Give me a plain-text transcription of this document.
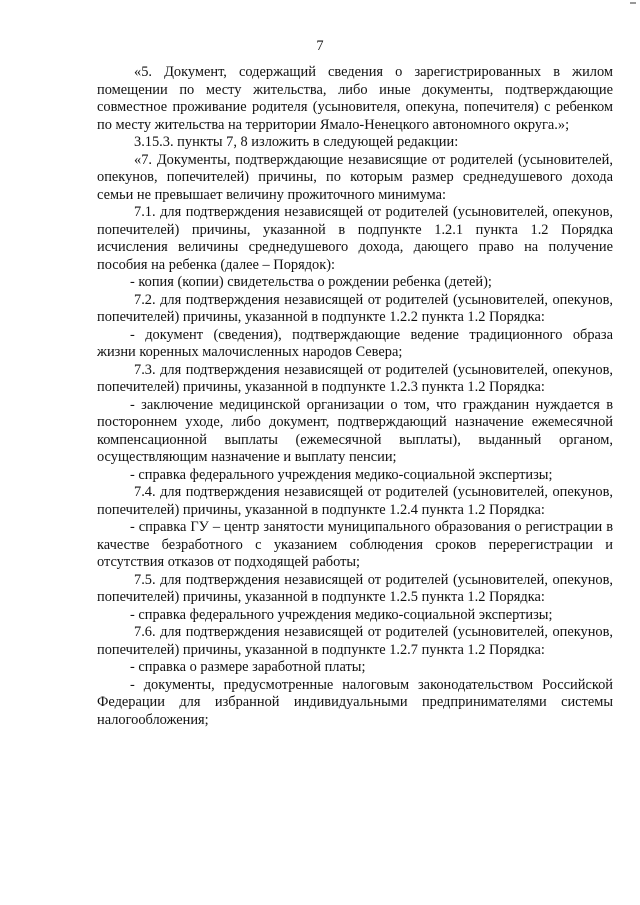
7

«5. Документ, содержащий сведения о зарегистрированных в жилом помещении по месту жительства, либо иные документы, подтверждающие совместное проживание родителя (усыновителя, опекуна, попечителя) с ребенком по месту жительства на территории Ямало-Ненецкого автономного округа.»;

3.15.3. пункты 7, 8 изложить в следующей редакции:

«7. Документы, подтверждающие независящие от родителей (усыновителей, опекунов, попечителей) причины, по которым размер среднедушевого дохода семьи не превышает величину прожиточного минимума:

7.1. для подтверждения независящей от родителей (усыновителей, опекунов, попечителей) причины, указанной в подпункте 1.2.1 пункта 1.2 Порядка исчисления величины среднедушевого дохода, дающего право на получение пособия на ребенка (далее – Порядок):

- копия (копии) свидетельства о рождении ребенка (детей);

7.2. для подтверждения независящей от родителей (усыновителей, опекунов, попечителей) причины, указанной в подпункте 1.2.2 пункта 1.2 Порядка:

- документ (сведения), подтверждающие ведение традиционного образа жизни коренных малочисленных народов Севера;

7.3. для подтверждения независящей от родителей (усыновителей, опекунов, попечителей) причины, указанной в подпункте 1.2.3 пункта 1.2 Порядка:

- заключение медицинской организации о том, что гражданин нуждается в постороннем уходе, либо документ, подтверждающий назначение ежемесячной компенсационной выплаты (ежемесячной выплаты), выданный органом, осуществляющим назначение и выплату пенсии;

- справка федерального учреждения медико-социальной экспертизы;

7.4. для подтверждения независящей от родителей (усыновителей, опекунов, попечителей) причины, указанной в подпункте 1.2.4 пункта 1.2 Порядка:

- справка ГУ – центр занятости муниципального образования о регистрации в качестве безработного с указанием соблюдения сроков перерегистрации и отсутствия отказов от подходящей работы;

7.5. для подтверждения независящей от родителей (усыновителей, опекунов, попечителей) причины, указанной в подпункте 1.2.5 пункта 1.2 Порядка:

- справка федерального учреждения медико-социальной экспертизы;

7.6. для подтверждения независящей от родителей (усыновителей, опекунов, попечителей) причины, указанной в подпункте 1.2.7 пункта 1.2 Порядка:

- справка о размере заработной платы;

- документы, предусмотренные налоговым законодательством Российской Федерации для избранной индивидуальными предпринимателями системы налогообложения;
